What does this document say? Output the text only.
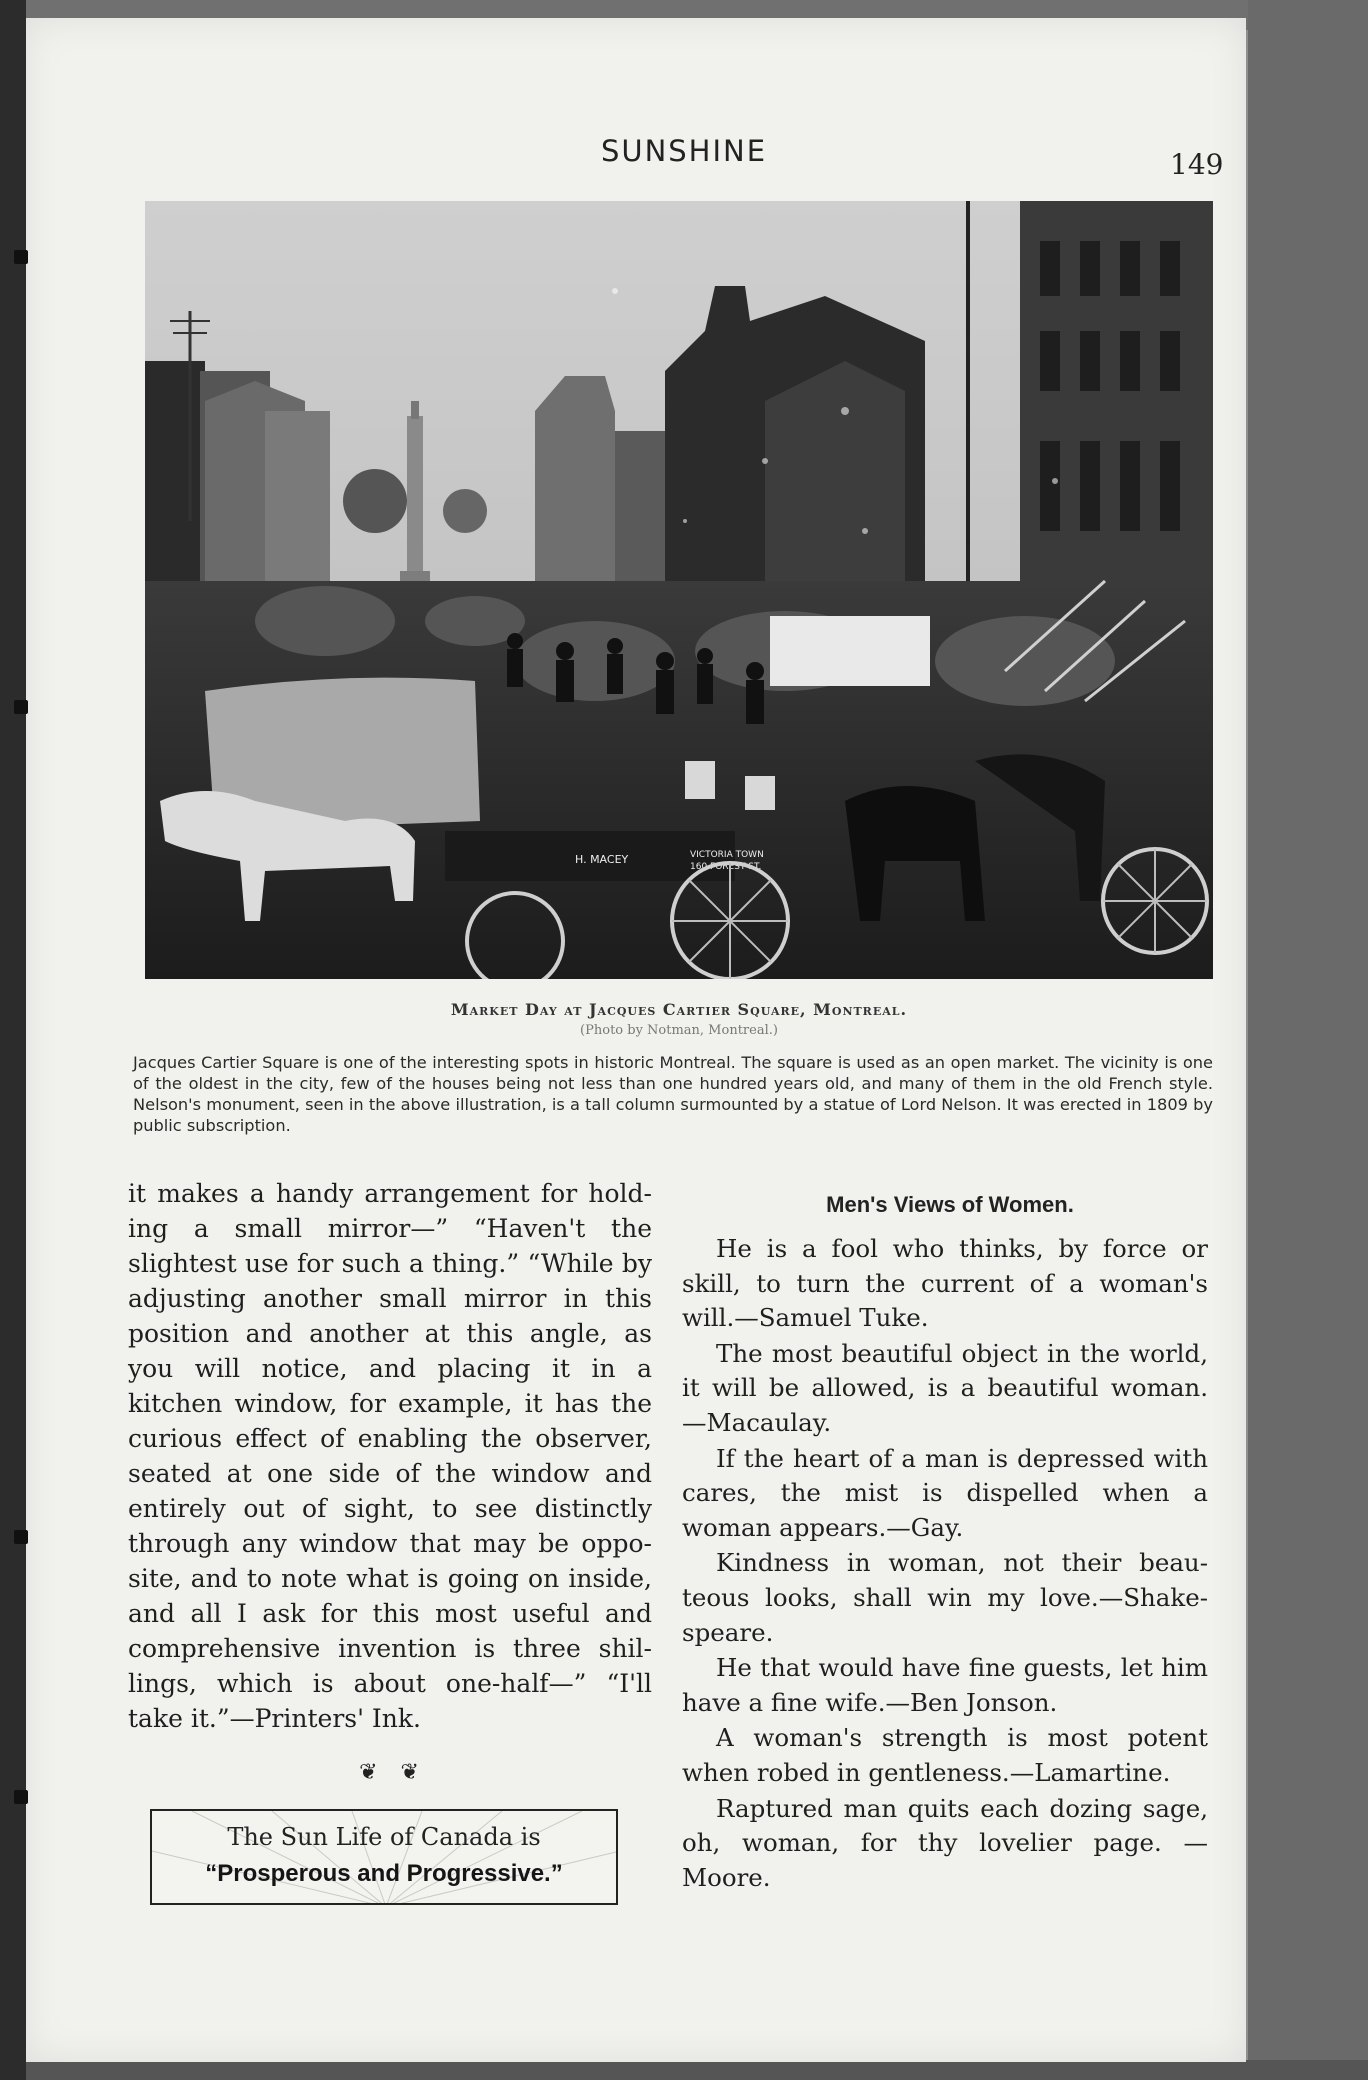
SUNSHINE	149
H. MACEY	VICTORIA TOWN
160 FOREST ST.
Market Day at Jacques Cartier Square, Montreal.
(Photo by Notman, Montreal.)
Jacques Cartier Square is one of the interesting spots in historic Montreal. The square is used as an open market. The vicinity is one of the oldest in the city, few of the houses being not less than one hundred years old, and many of them in the old French style. Nelson's monument, seen in the above illustration, is a tall column surmounted by a statue of Lord Nelson. It was erected in 1809 by public subscription.

it makes a handy arrangement for holding a small mirror—” “Haven't the slightest use for such a thing.” “While by adjusting another small mirror in this position and another at this angle, as you will notice, and placing it in a kitchen window, for example, it has the curious effect of enabling the observer, seated at one side of the window and entirely out of sight, to see distinctly through any window that may be opposite, and to note what is going on inside, and all I ask for this most useful and comprehensive invention is three shillings, which is about one-half—” “I'll take it.”—Printers' Ink.

❦ ❦
The Sun Life of Canada is
“Prosperous and Progressive.”
Men's Views of Women.

He is a fool who thinks, by force or skill, to turn the current of a woman's will.—Samuel Tuke.

The most beautiful object in the world, it will be allowed, is a beautiful woman. —Macaulay.

If the heart of a man is depressed with cares, the mist is dispelled when a woman appears.—Gay.

Kindness in woman, not their beauteous looks, shall win my love.—Shakespeare.

He that would have fine guests, let him have a fine wife.—Ben Jonson.

A woman's strength is most potent when robed in gentleness.—Lamartine.

Raptured man quits each dozing sage, oh, woman, for thy lovelier page. —Moore.
